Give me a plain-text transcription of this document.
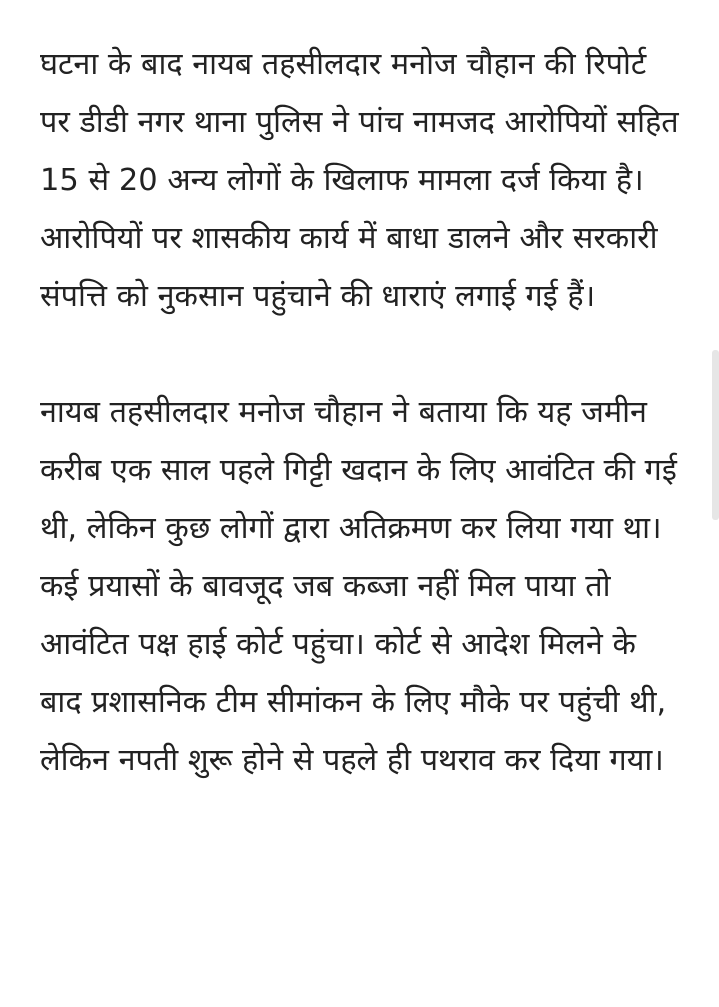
घटना के बाद नायब तहसीलदार मनोज चौहान की रिपोर्ट पर डीडी नगर थाना पुलिस ने पांच नामजद आरोपियों सहित 15 से 20 अन्य लोगों के खिलाफ मामला दर्ज किया है। आरोपियों पर शासकीय कार्य में बाधा डालने और सरकारी संपत्ति को नुकसान पहुंचाने की धाराएं लगाई गई हैं।

नायब तहसीलदार मनोज चौहान ने बताया कि यह जमीन करीब एक साल पहले गिट्टी खदान के लिए आवंटित की गई थी, लेकिन कुछ लोगों द्वारा अतिक्रमण कर लिया गया था। कई प्रयासों के बावजूद जब कब्जा नहीं मिल पाया तो आवंटित पक्ष हाई कोर्ट पहुंचा। कोर्ट से आदेश मिलने के बाद प्रशासनिक टीम सीमांकन के लिए मौके पर पहुंची थी, लेकिन नपती शुरू होने से पहले ही पथराव कर दिया गया।
